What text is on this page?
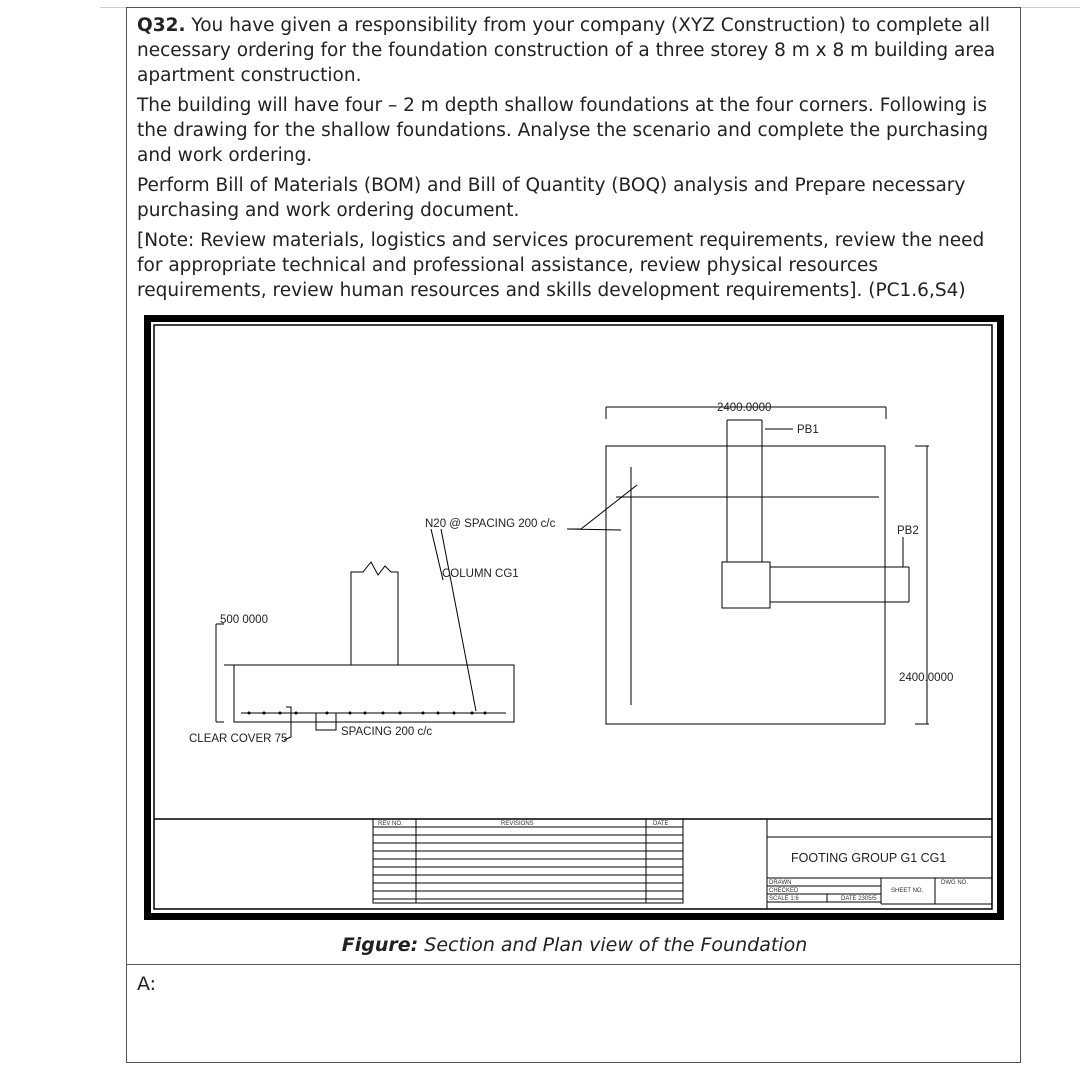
Q32. You have given a responsibility from your company (XYZ Construction) to complete all necessary ordering for the foundation construction of a three storey 8 m x 8 m building area apartment construction.

The building will have four – 2 m depth shallow foundations at the four corners. Following is the drawing for the shallow foundations. Analyse the scenario and complete the purchasing and work ordering.

Perform Bill of Materials (BOM) and Bill of Quantity (BOQ) analysis and Prepare necessary purchasing and work ordering document.

[Note: Review materials, logistics and services procurement requirements, review the need for appropriate technical and professional assistance, review physical resources requirements, review human resources and skills development requirements]. (PC1.6,S4)

500 0000
N20 @ SPACING 200 c/c
COLUMN CG1
CLEAR COVER 75
SPACING 200 c/c
2400.0000
PB1
PB2
2400.0000
FOOTING GROUP G1 CG1
REV NO.	REVISIONS	DATE
DRAWN
CHECKED
SCALE 1:6	DATE 2305/5
SHEET NO.
DWG NO.
Figure: Section and Plan view of the Foundation
A:
